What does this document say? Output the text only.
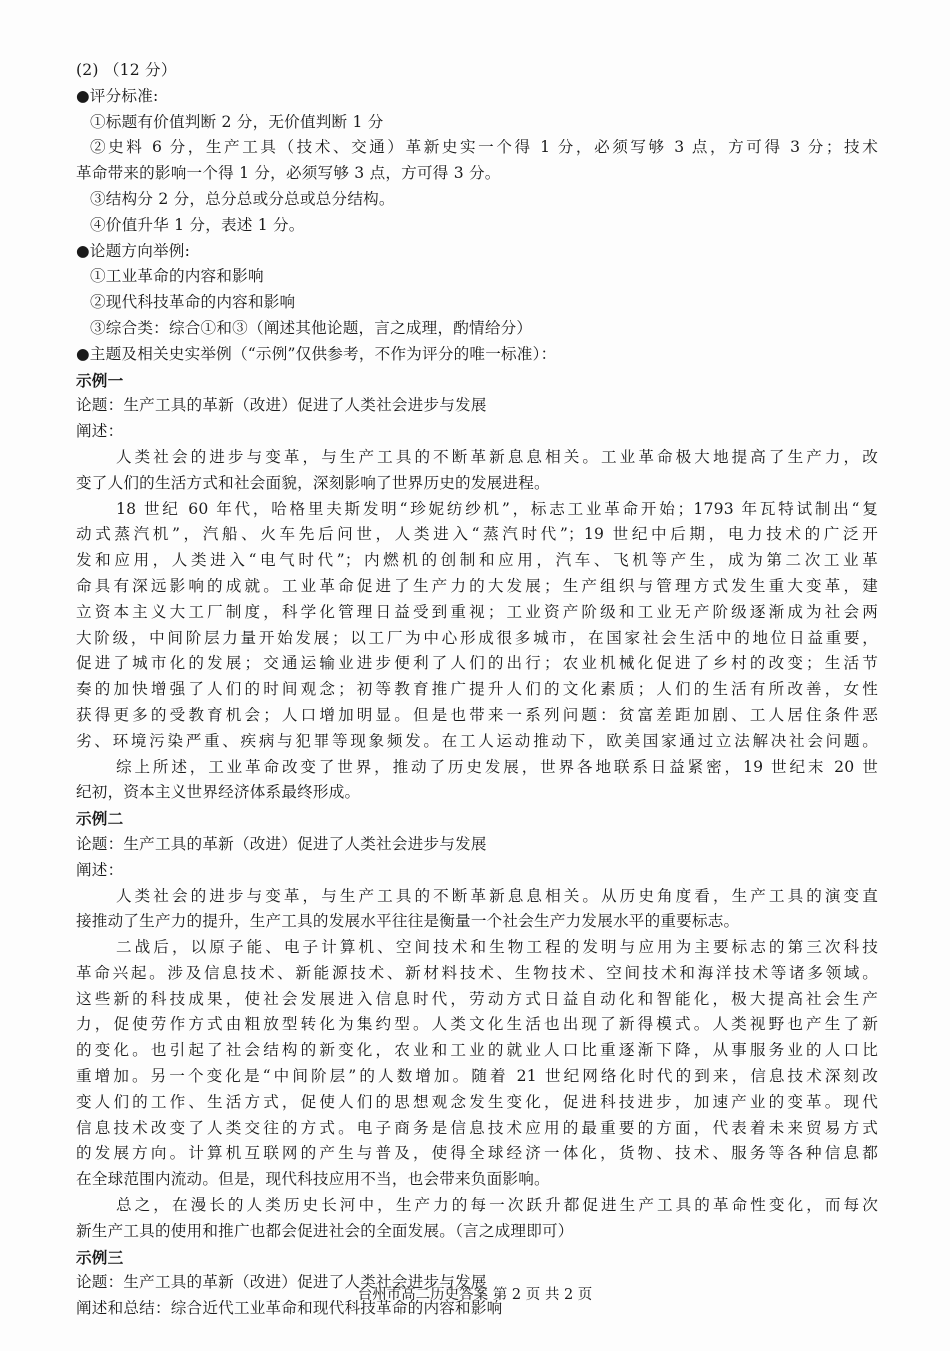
(2) （12 分）
●评分标准:
①标题有价值判断 2 分，无价值判断 1 分
②史料 6 分，生产工具（技术、交通）革新史实一个得 1 分，必须写够 3 点，方可得 3 分；技术
革命带来的影响一个得 1 分，必须写够 3 点，方可得 3 分。
③结构分 2 分，总分总或分总或总分结构。
④价值升华 1 分，表述 1 分。
●论题方向举例:
①工业革命的内容和影响
②现代科技革命的内容和影响
③综合类：综合①和③（阐述其他论题，言之成理，酌情给分）
●主题及相关史实举例（“示例”仅供参考，不作为评分的唯一标准）：
示例一
论题：生产工具的革新（改进）促进了人类社会进步与发展
阐述：
人类社会的进步与变革，与生产工具的不断革新息息相关。工业革命极大地提高了生产力，改
变了人们的生活方式和社会面貌，深刻影响了世界历史的发展进程。
18 世纪 60 年代，哈格里夫斯发明“珍妮纺纱机”，标志工业革命开始；1793 年瓦特试制出“复
动式蒸汽机”，汽船、火车先后问世，人类进入“蒸汽时代”；19 世纪中后期，电力技术的广泛开
发和应用，人类进入“电气时代”；内燃机的创制和应用，汽车、飞机等产生，成为第二次工业革
命具有深远影响的成就。工业革命促进了生产力的大发展；生产组织与管理方式发生重大变革，建
立资本主义大工厂制度，科学化管理日益受到重视；工业资产阶级和工业无产阶级逐渐成为社会两
大阶级，中间阶层力量开始发展；以工厂为中心形成很多城市，在国家社会生活中的地位日益重要，
促进了城市化的发展；交通运输业进步便利了人们的出行；农业机械化促进了乡村的改变；生活节
奏的加快增强了人们的时间观念；初等教育推广提升人们的文化素质；人们的生活有所改善，女性
获得更多的受教育机会；人口增加明显。但是也带来一系列问题：贫富差距加剧、工人居住条件恶
劣、环境污染严重、疾病与犯罪等现象频发。在工人运动推动下，欧美国家通过立法解决社会问题。
综上所述，工业革命改变了世界，推动了历史发展，世界各地联系日益紧密，19 世纪末 20 世
纪初，资本主义世界经济体系最终形成。
示例二
论题：生产工具的革新（改进）促进了人类社会进步与发展
阐述：
人类社会的进步与变革，与生产工具的不断革新息息相关。从历史角度看，生产工具的演变直
接推动了生产力的提升，生产工具的发展水平往往是衡量一个社会生产力发展水平的重要标志。
二战后，以原子能、电子计算机、空间技术和生物工程的发明与应用为主要标志的第三次科技
革命兴起。涉及信息技术、新能源技术、新材料技术、生物技术、空间技术和海洋技术等诸多领域。
这些新的科技成果，使社会发展进入信息时代，劳动方式日益自动化和智能化，极大提高社会生产
力，促使劳作方式由粗放型转化为集约型。人类文化生活也出现了新得模式。人类视野也产生了新
的变化。也引起了社会结构的新变化，农业和工业的就业人口比重逐渐下降，从事服务业的人口比
重增加。另一个变化是“中间阶层”的人数增加。随着 21 世纪网络化时代的到来，信息技术深刻改
变人们的工作、生活方式，促使人们的思想观念发生变化，促进科技进步，加速产业的变革。现代
信息技术改变了人类交往的方式。电子商务是信息技术应用的最重要的方面，代表着未来贸易方式
的发展方向。计算机互联网的产生与普及，使得全球经济一体化，货物、技术、服务等各种信息都
在全球范围内流动。但是，现代科技应用不当，也会带来负面影响。
总之，在漫长的人类历史长河中，生产力的每一次跃升都促进生产工具的革命性变化，而每次
新生产工具的使用和推广也都会促进社会的全面发展。（言之成理即可）
示例三
论题：生产工具的革新（改进）促进了人类社会进步与发展
阐述和总结：综合近代工业革命和现代科技革命的内容和影响
台州市高二历史答案 第 2 页 共 2 页
